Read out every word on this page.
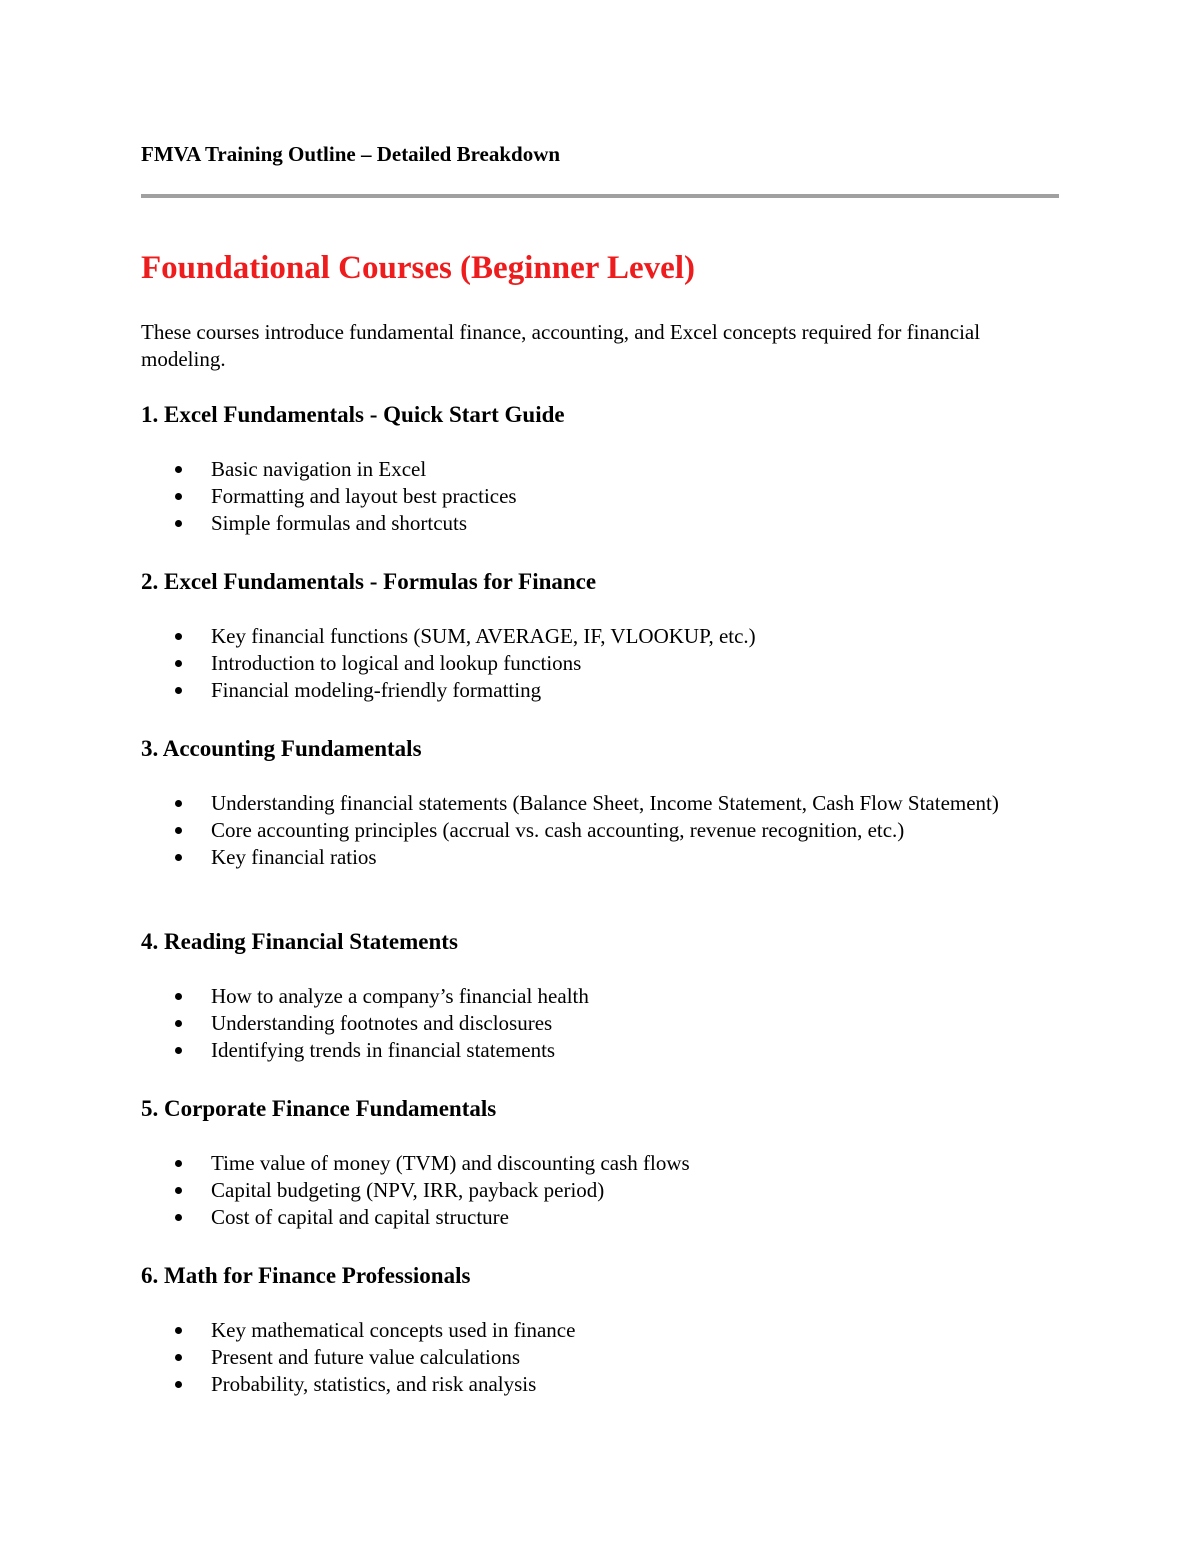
FMVA Training Outline – Detailed Breakdown
Foundational Courses (Beginner Level)

These courses introduce fundamental finance, accounting, and Excel concepts required for financial modeling.

1. Excel Fundamentals - Quick Start Guide
Basic navigation in Excel
Formatting and layout best practices
Simple formulas and shortcuts
2. Excel Fundamentals - Formulas for Finance
Key financial functions (SUM, AVERAGE, IF, VLOOKUP, etc.)
Introduction to logical and lookup functions
Financial modeling-friendly formatting
3. Accounting Fundamentals
Understanding financial statements (Balance Sheet, Income Statement, Cash Flow Statement)
Core accounting principles (accrual vs. cash accounting, revenue recognition, etc.)
Key financial ratios
4. Reading Financial Statements
How to analyze a company’s financial health
Understanding footnotes and disclosures
Identifying trends in financial statements
5. Corporate Finance Fundamentals
Time value of money (TVM) and discounting cash flows
Capital budgeting (NPV, IRR, payback period)
Cost of capital and capital structure
6. Math for Finance Professionals
Key mathematical concepts used in finance
Present and future value calculations
Probability, statistics, and risk analysis
